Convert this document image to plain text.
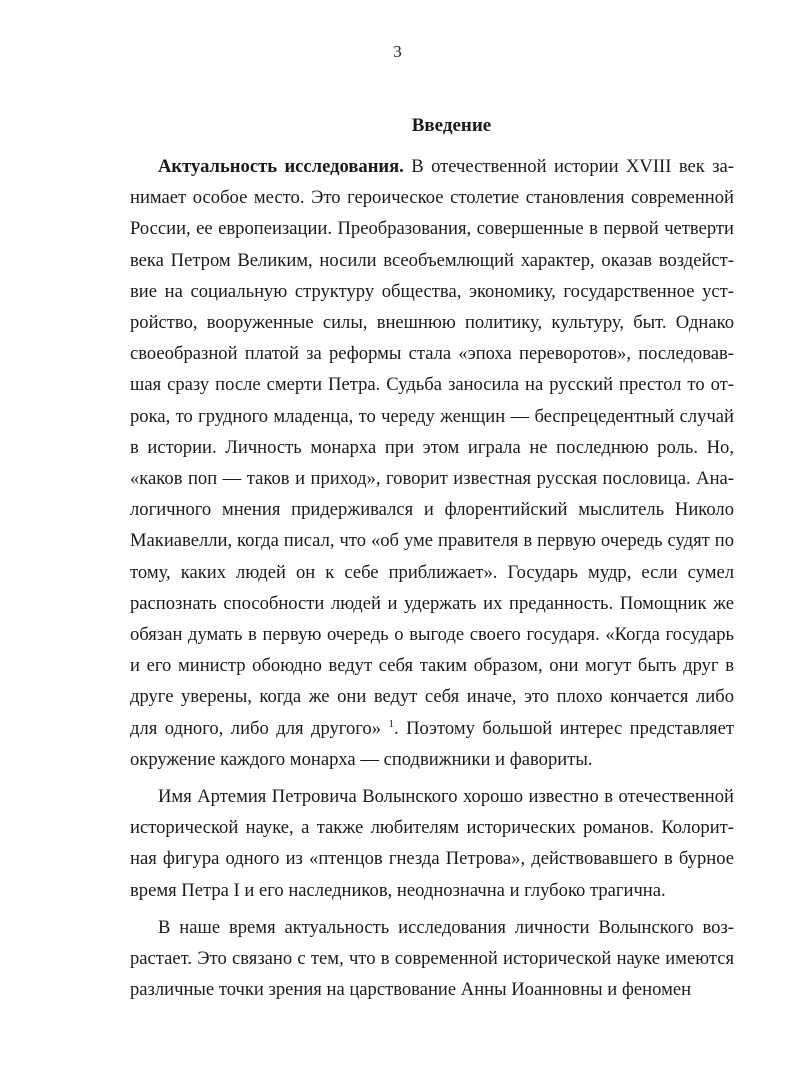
3
Введение

Актуальность исследования. В отечественной истории XVIII век занимает особое место. Это героическое столетие становления современной России, ее европеизации. Преобразования, совершенные в первой четверти века Петром Великим, носили всеобъемлющий характер, оказав воздействие на социальную структуру общества, экономику, государственное устройство, вооруженные силы, внешнюю политику, культуру, быт. Однако своеобразной платой за реформы стала «эпоха переворотов», последовавшая сразу после смерти Петра. Судьба заносила на русский престол то отрока, то грудного младенца, то череду женщин — беспрецедентный случай в истории. Личность монарха при этом играла не последнюю роль. Но, «каков поп — таков и приход», говорит известная русская пословица. Аналогичного мнения придерживался и флорентийский мыслитель Николо Макиавелли, когда писал, что «об уме правителя в первую очередь судят по тому, каких людей он к себе приближает». Государь мудр, если сумел распознать способности людей и удержать их преданность. Помощник же обязан думать в первую очередь о выгоде своего государя. «Когда государь и его министр обоюдно ведут себя таким образом, они могут быть друг в друге уверены, когда же они ведут себя иначе, это плохо кончается либо для одного, либо для другого» $^1$. Поэтому большой интерес представляет окружение каждого монарха — сподвижники и фавориты.

Имя Артемия Петровича Волынского хорошо известно в отечественной исторической науке, а также любителям исторических романов. Колоритная фигура одного из «птенцов гнезда Петрова», действовавшего в бурное время Петра I и его наследников, неоднозначна и глубоко трагична.

В наше время актуальность исследования личности Волынского возрастает. Это связано с тем, что в современной исторической науке имеются различные точки зрения на царствование Анны Иоанновны и феномен
